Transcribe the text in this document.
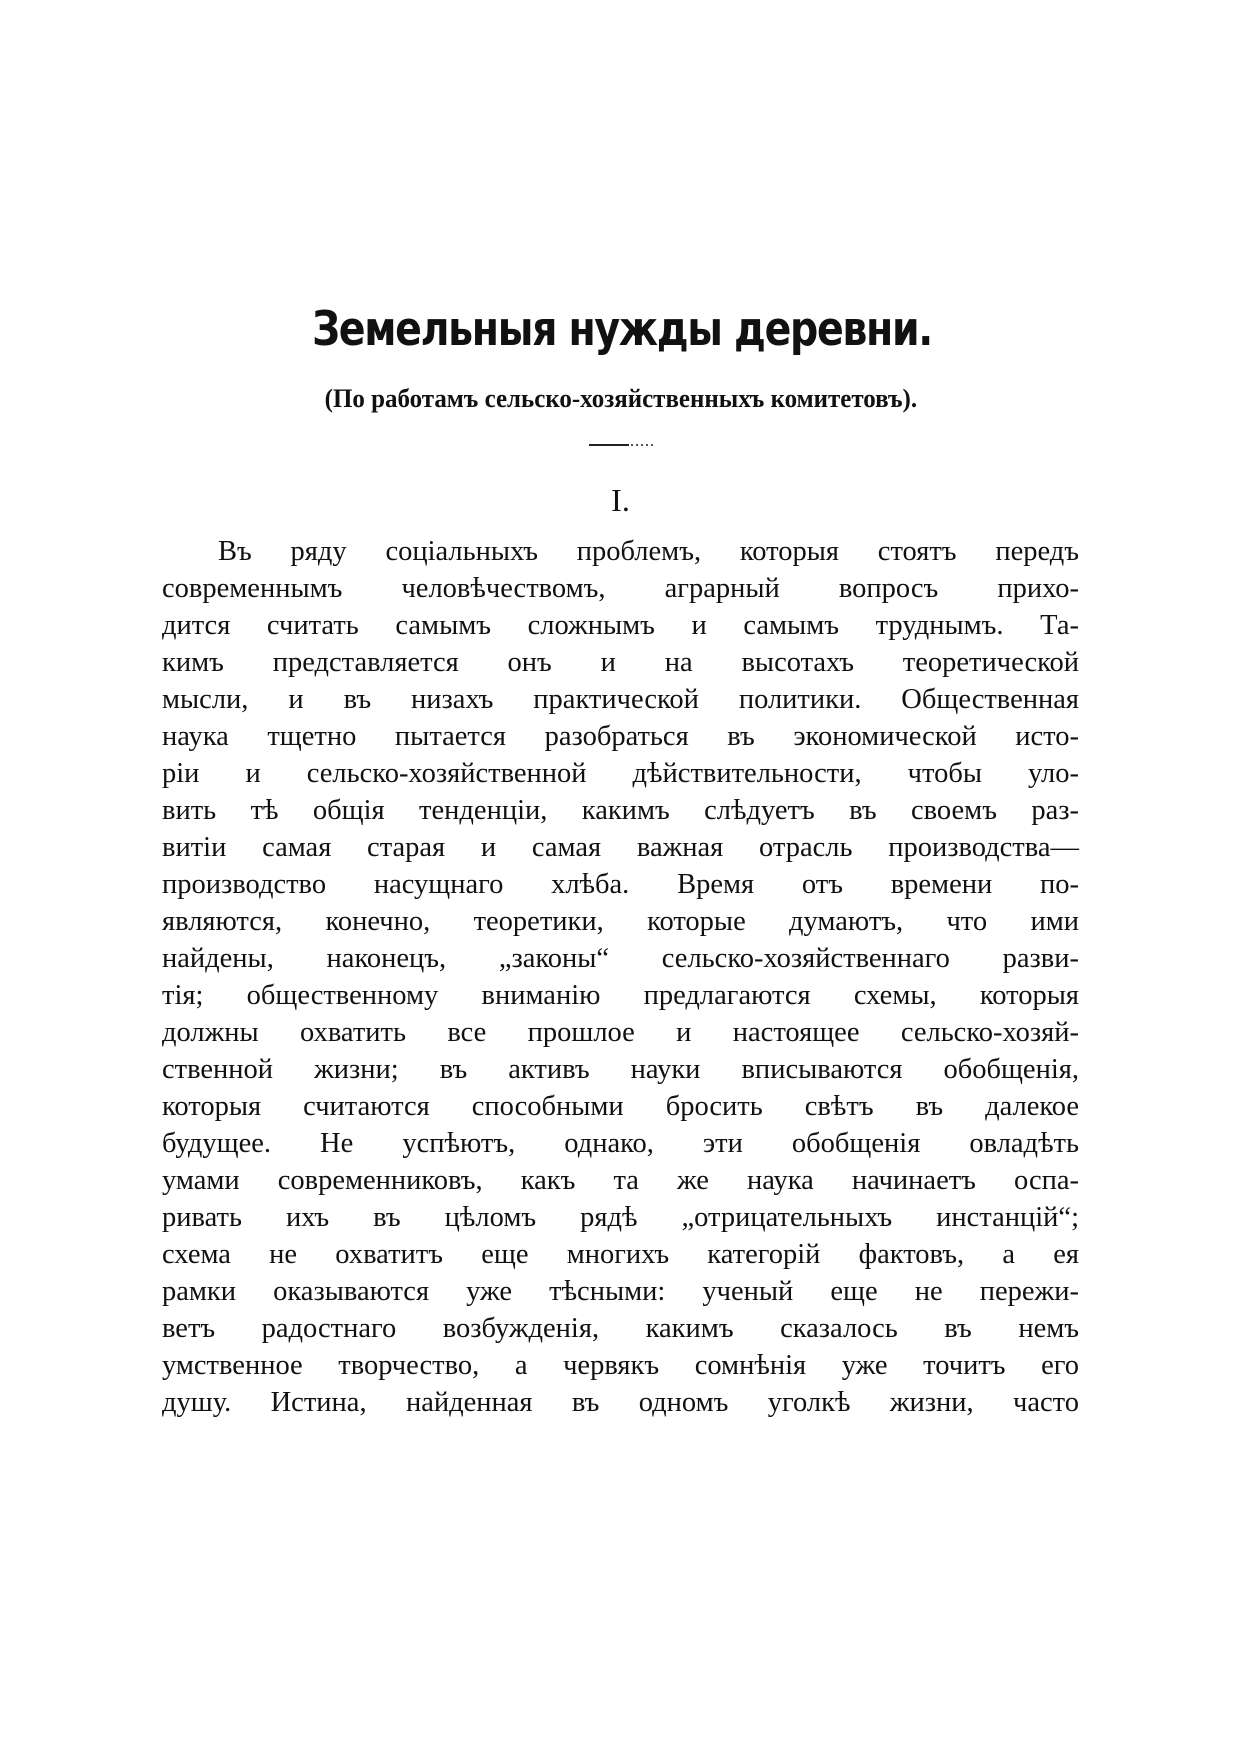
Земельныя нужды деревни.

(По работамъ сельско-хозяйственныхъ комитетовъ).

I.

Въ ряду соціальныхъ проблемъ, которыя стоятъ передъ
современнымъ человѣчествомъ, аграрный вопросъ прихо-
дится считать самымъ сложнымъ и самымъ труднымъ. Та-
кимъ представляется онъ и на высотахъ теоретической
мысли, и въ низахъ практической политики. Общественная
наука тщетно пытается разобраться въ экономической исто-
ріи и сельско-хозяйственной дѣйствительности, чтобы уло-
вить тѣ общія тенденціи, какимъ слѣдуетъ въ своемъ раз-
витіи самая старая и самая важная отрасль производства—
производство насущнаго хлѣба. Время отъ времени по-
являются, конечно, теоретики, которые думаютъ, что ими
найдены, наконецъ, „законы“ сельско-хозяйственнаго разви-
тія; общественному вниманію предлагаются схемы, которыя
должны охватить все прошлое и настоящее сельско-хозяй-
ственной жизни; въ активъ науки вписываются обобщенія,
которыя считаются способными бросить свѣтъ въ далекое
будущее. Не успѣютъ, однако, эти обобщенія овладѣть
умами современниковъ, какъ та же наука начинаетъ оспа-
ривать ихъ въ цѣломъ рядѣ „отрицательныхъ инстанцій“;
схема не охватитъ еще многихъ категорій фактовъ, а ея
рамки оказываются уже тѣсными: ученый еще не пережи-
ветъ радостнаго возбужденія, какимъ сказалось въ немъ
умственное творчество, а червякъ сомнѣнія уже точитъ его
душу. Истина, найденная въ одномъ уголкѣ жизни, часто
